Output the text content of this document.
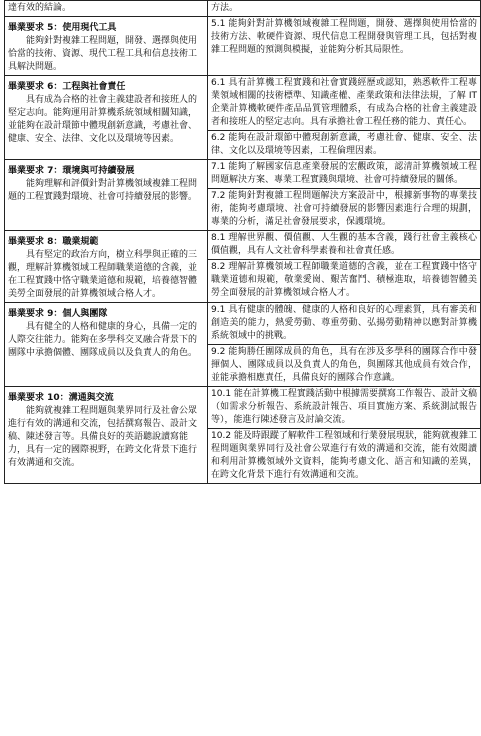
達有效的結論。	方法。

畢業要求 5：使用現代工具
能夠針對複雜工程問題，開發、選擇與使用恰當的技術、資源、現代工程工具和信息技術工具解決問題。	5.1 能夠針對計算機領域複雜工程問題，開發、選擇與使用恰當的技術方法、軟硬件資源、現代信息工程開發與管理工具，包括對複雜工程問題的預測與模擬，並能夠分析其局限性。

畢業要求 6：工程與社會責任
具有成為合格的社會主義建設者和接班人的堅定志向。能夠運用計算機系統領域相關知識，並能夠在設計環節中體現創新意識，考慮社會、健康、安全、法律、文化以及環境等因素。	6.1 具有計算機工程實踐和社會實踐經歷或認知，熟悉軟件工程專業領域相關的技術標準、知識產權、產業政策和法律法規，了解 IT 企業計算機軟硬件產品品質管理體系，有成為合格的社會主義建設者和接班人的堅定志向。具有承擔社會工程任務的能力、責任心。

	6.2 能夠在設計環節中體現創新意識，考慮社會、健康、安全、法律、文化以及環境等因素，工程倫理因素。

畢業要求 7：環境與可持續發展
能夠理解和評價針對計算機領域複雜工程問題的工程實踐對環境、社會可持續發展的影響。	7.1 能夠了解國家信息產業發展的宏觀政策，認清計算機領域工程問題解決方案、專業工程實踐與環境、社會可持續發展的關係。

	7.2 能夠針對複雜工程問題解決方案設計中，根據新事物的專業技術，能夠考慮環境、社會可持續發展的影響因素進行合理的規劃，專業的分析，滿足社會發展要求，保護環境。

畢業要求 8：職業規範
具有堅定的政治方向，樹立科學與正確的三觀，理解計算機領域工程師職業道德的含義，並在工程實踐中恪守職業道德和規範，培養德智體美勞全面發展的計算機領域合格人才。	8.1 理解世界觀、價值觀、人生觀的基本含義，踐行社會主義核心價值觀，具有人文社會科學素養和社會責任感。

	8.2 理解計算機領域工程師職業道德的含義，並在工程實踐中恪守職業道德和規範，敬業愛崗、艱苦奮鬥、積極進取，培養德智體美勞全面發展的計算機領域合格人才。

畢業要求 9：個人與團隊
具有健全的人格和健康的身心，具備一定的人際交往能力。能夠在多學科交叉融合背景下的團隊中承擔個體、團隊成員以及負責人的角色。	9.1 具有健康的體魄、健康的人格和良好的心理素質，具有審美和創造美的能力，熱愛勞動、尊重勞動、弘揚勞動精神以應對計算機系統領域中的挑戰。

	9.2 能夠勝任團隊成員的角色，具有在涉及多學科的團隊合作中發揮個人、團隊成員以及負責人的角色，與團隊其他成員有效合作，並能承擔相應責任，具備良好的團隊合作意識。

畢業要求 10：溝通與交流
能夠就複雜工程問題與業界同行及社會公眾進行有效的溝通和交流，包括撰寫報告、設計文稿、陳述發言等。具備良好的英語聽說讀寫能力，具有一定的國際視野，在跨文化背景下進行有效溝通和交流。	10.1 能在計算機工程實踐活動中根據需要撰寫工作報告、設計文稿（如需求分析報告、系統設計報告、項目實施方案、系統測試報告等），能進行陳述發言及討論交流。

	10.2 能及時跟蹤了解軟件工程領域和行業發展現狀，能夠就複雜工程問題與業界同行及社會公眾進行有效的溝通和交流，能有效閱讀和利用計算機領域外文資料，能夠考慮文化、語言和知識的差異，在跨文化背景下進行有效溝通和交流。
